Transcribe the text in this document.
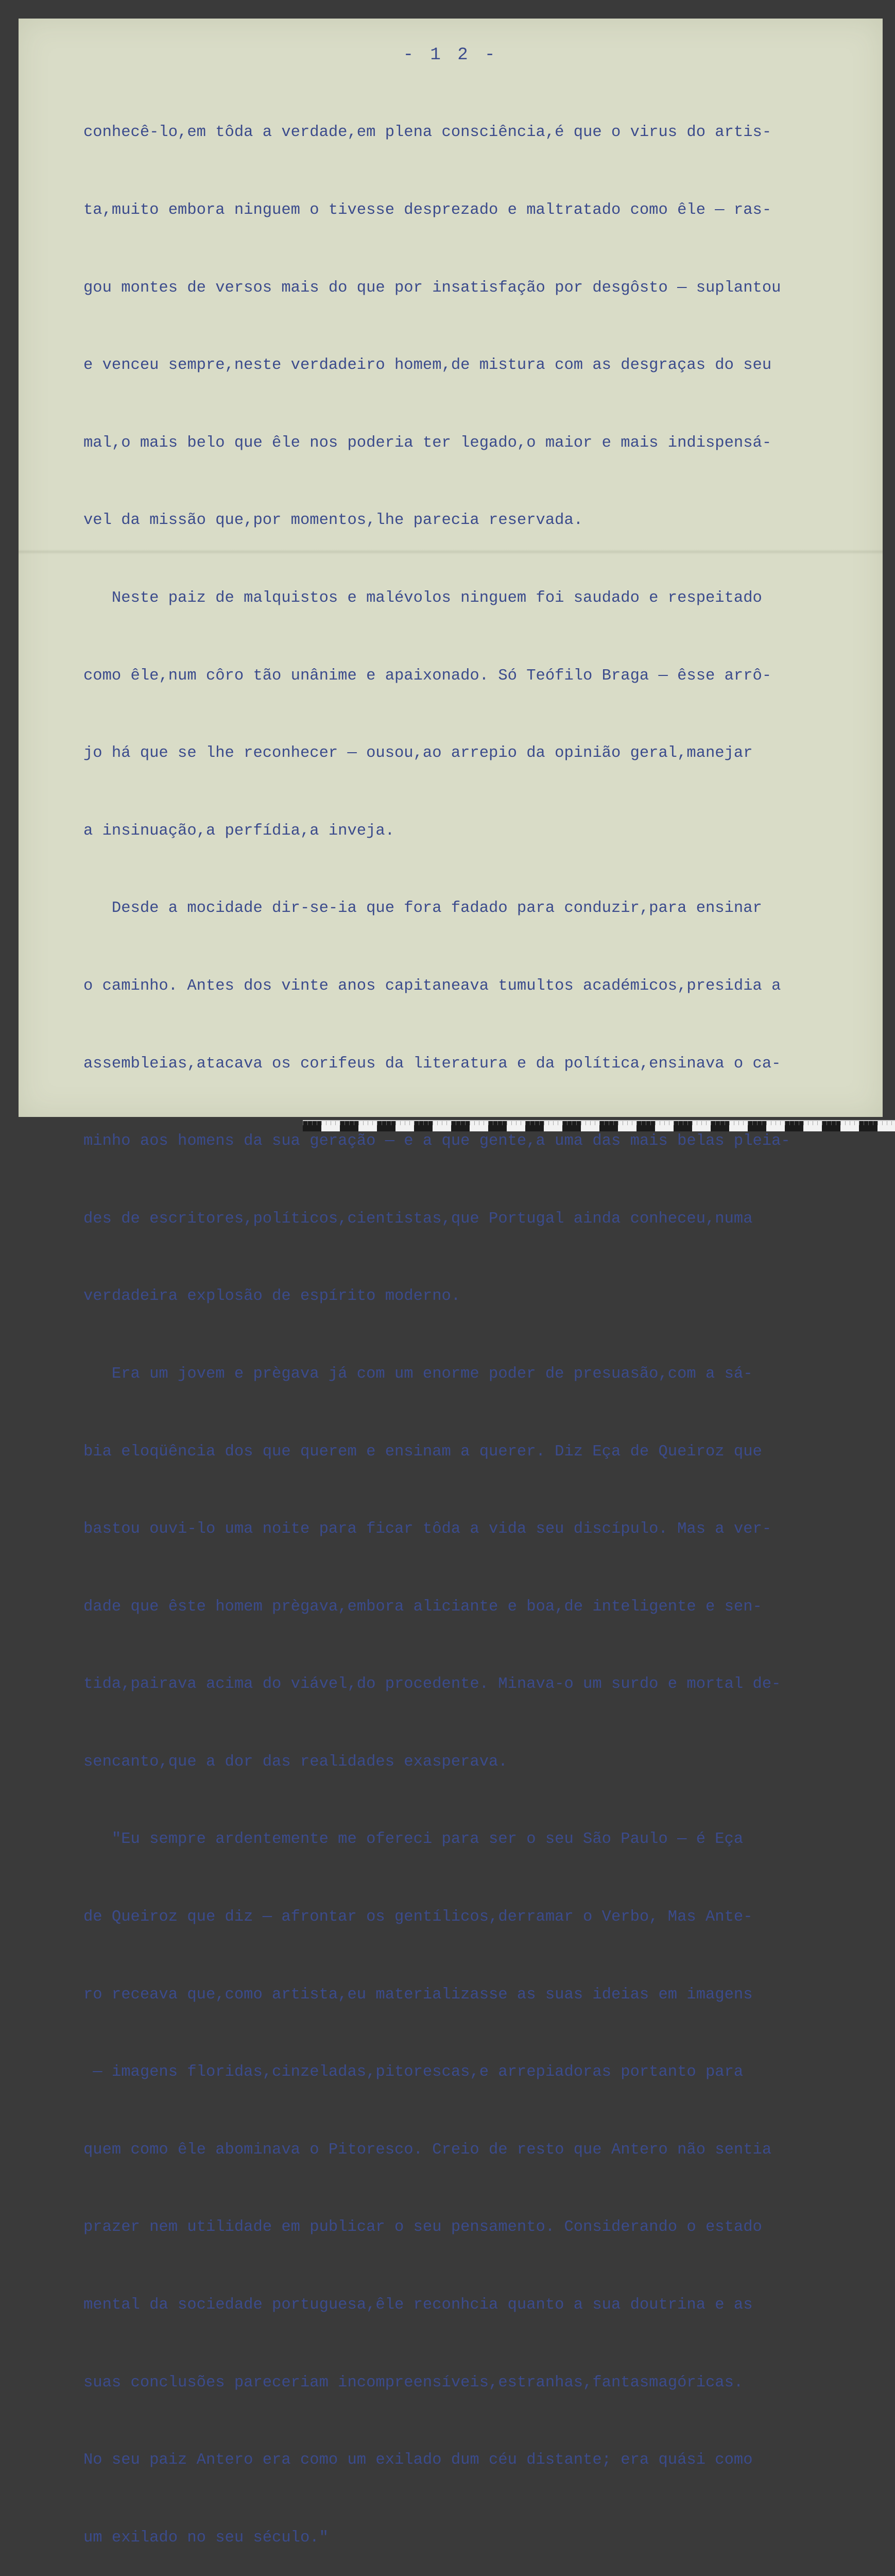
- 1 2 -

conhecê-lo,em tôda a verdade,em plena consciência,é que o virus do artis-

ta,muito embora ninguem o tivesse desprezado e maltratado como êle — ras-

gou montes de versos mais do que por insatisfação por desgôsto — suplantou

e venceu sempre,neste verdadeiro homem,de mistura com as desgraças do seu

mal,o mais belo que êle nos poderia ter legado,o maior e mais indispensá-

vel da missão que,por momentos,lhe parecia reservada.

Neste paiz de malquistos e malévolos ninguem foi saudado e respeitado

como êle,num côro tão unânime e apaixonado. Só Teófilo Braga — êsse arrô-

jo há que se lhe reconhecer — ousou,ao arrepio da opinião geral,manejar

a insinuação,a perfídia,a inveja.

Desde a mocidade dir-se-ia que fora fadado para conduzir,para ensinar

o caminho. Antes dos vinte anos capitaneava tumultos académicos,presidia a

assembleias,atacava os corifeus da literatura e da política,ensinava o ca-

minho aos homens da sua geração — e a que gente,a uma das mais belas pleia-

des de escritores,políticos,cientistas,que Portugal ainda conheceu,numa

verdadeira explosão de espírito moderno.

Era um jovem e prègava já com um enorme poder de presuasão,com a sá-

bia eloqüência dos que querem e ensinam a querer. Diz Eça de Queiroz que

bastou ouvi-lo uma noite para ficar tôda a vida seu discípulo. Mas a ver-

dade que êste homem prègava,embora aliciante e boa,de inteligente e sen-

tida,pairava acima do viável,do procedente. Minava-o um surdo e mortal de-

sencanto,que a dor das realidades exasperava.

"Eu sempre ardentemente me ofereci para ser o seu São Paulo — é Eça

de Queiroz que diz — afrontar os gentílicos,derramar o Verbo, Mas Ante-

ro receava que,como artista,eu materializasse as suas ideias em imagens

— imagens floridas,cinzeladas,pitorescas,e arrepiadoras portanto para

quem como êle abominava o Pitoresco. Creio de resto que Antero não sentia

prazer nem utilidade em publicar o seu pensamento. Considerando o estado

mental da sociedade portuguesa,êle reconhcia quanto a sua doutrina e as

suas conclusões pareceriam incompreensíveis,estranhas,fantasmagóricas.

No seu paiz Antero era como um exilado dum céu distante; era quási como

um exilado no seu século."
